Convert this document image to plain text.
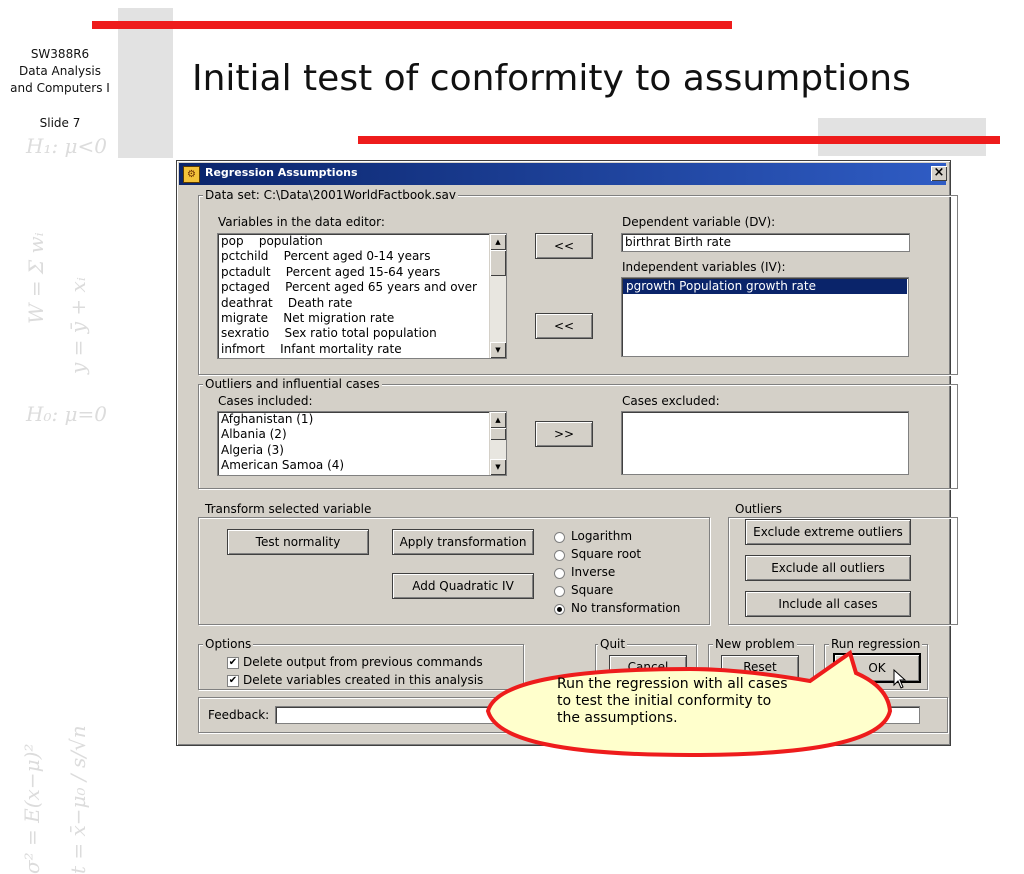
SW388R6
Data Analysis
and Computers I
Slide 7
Initial test of conformity to assumptions
H₁: μ<0
W = Σ wᵢ y = ȳ + xᵢ
H₀: μ=0
σ² = E(x−μ)² t = x̄−μ₀ / s/√n
⚙ Regression Assumptions	×
Data set: C:\Data\2001WorldFactbook.sav
Variables in the data editor:
pop    population
pctchild    Percent aged 0-14 years
pctadult    Percent aged 15-64 years
pctaged    Percent aged 65 years and over
deathrat    Death rate
migrate    Net migration rate
sexratio    Sex ratio total population
infmort    Infant mortality rate
▲
▼
<<
<<
Dependent variable (DV):
birthrat Birth rate
Independent variables (IV):
pgrowth Population growth rate
Outliers and influential cases
Cases included:
Afghanistan (1)
Albania (2)
Algeria (3)
American Samoa (4)
▲
▼
>>
Cases excluded:
Transform selected variable
Test normality	Apply transformation
Add Quadratic IV
Outliers
Exclude extreme outliers
Exclude all outliers
Include all cases
Options
✔ Delete output from previous commands
✔ Delete variables created in this analysis
Quit
Cancel
New problem
Reset
Run regression
OK
Feedback:
Logarithm
Square root
Inverse
Square
No transformation
Run the regression with all cases to test the initial conformity to the assumptions.
